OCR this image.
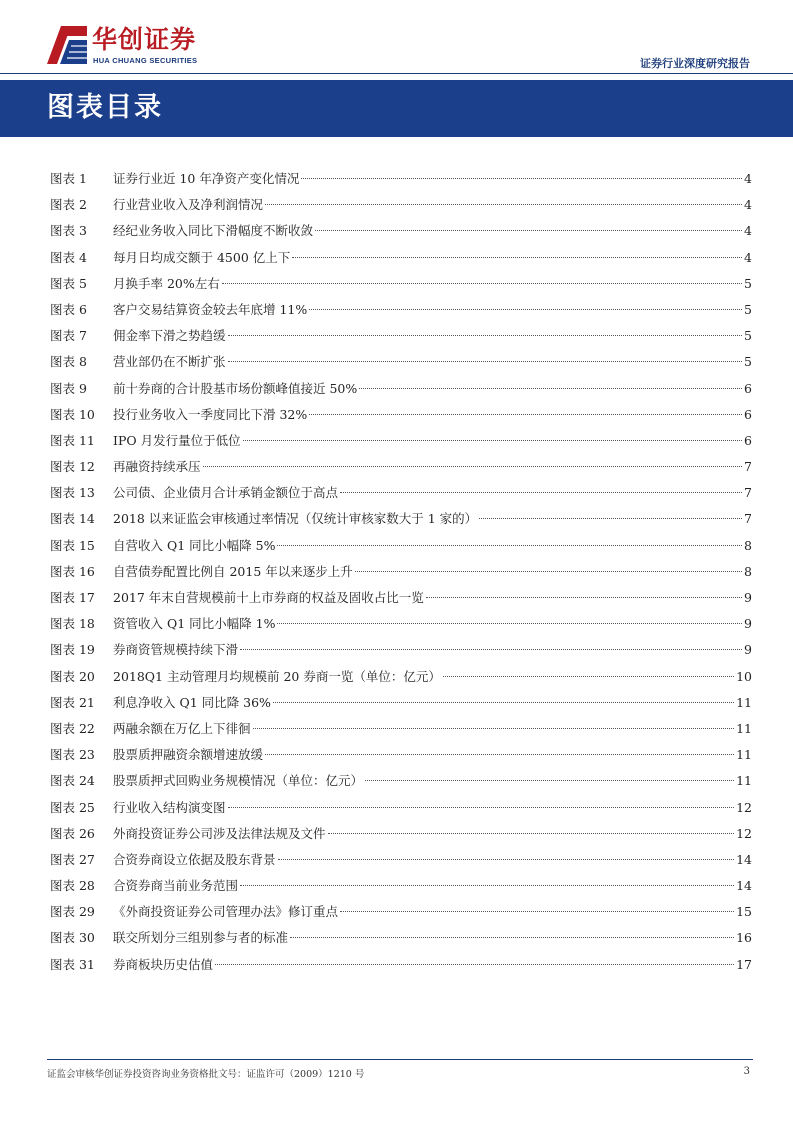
华创证券
HUA CHUANG SECURITIES	证券行业深度研究报告
图表目录
图表 1	证券行业近 10 年净资产变化情况	4
图表 2	行业营业收入及净利润情况	4
图表 3	经纪业务收入同比下滑幅度不断收敛	4
图表 4	每月日均成交额于 4500 亿上下	4
图表 5	月换手率 20%左右	5
图表 6	客户交易结算资金较去年底增 11%	5
图表 7	佣金率下滑之势趋缓	5
图表 8	营业部仍在不断扩张	5
图表 9	前十券商的合计股基市场份额峰值接近 50%	6
图表 10	投行业务收入一季度同比下滑 32%	6
图表 11	IPO 月发行量位于低位	6
图表 12	再融资持续承压	7
图表 13	公司债、企业债月合计承销金额位于高点	7
图表 14	2018 以来证监会审核通过率情况（仅统计审核家数大于 1 家的）	7
图表 15	自营收入 Q1 同比小幅降 5%	8
图表 16	自营债券配置比例自 2015 年以来逐步上升	8
图表 17	2017 年末自营规模前十上市券商的权益及固收占比一览	9
图表 18	资管收入 Q1 同比小幅降 1%	9
图表 19	券商资管规模持续下滑	9
图表 20	2018Q1 主动管理月均规模前 20 券商一览（单位：亿元）	10
图表 21	利息净收入 Q1 同比降 36%	11
图表 22	两融余额在万亿上下徘徊	11
图表 23	股票质押融资余额增速放缓	11
图表 24	股票质押式回购业务规模情况（单位：亿元）	11
图表 25	行业收入结构演变图	12
图表 26	外商投资证券公司涉及法律法规及文件	12
图表 27	合资券商设立依据及股东背景	14
图表 28	合资券商当前业务范围	14
图表 29	《外商投资证券公司管理办法》修订重点	15
图表 30	联交所划分三组别参与者的标准	16
图表 31	券商板块历史估值	17
证监会审核华创证券投资咨询业务资格批文号：证监许可（2009）1210 号	3
